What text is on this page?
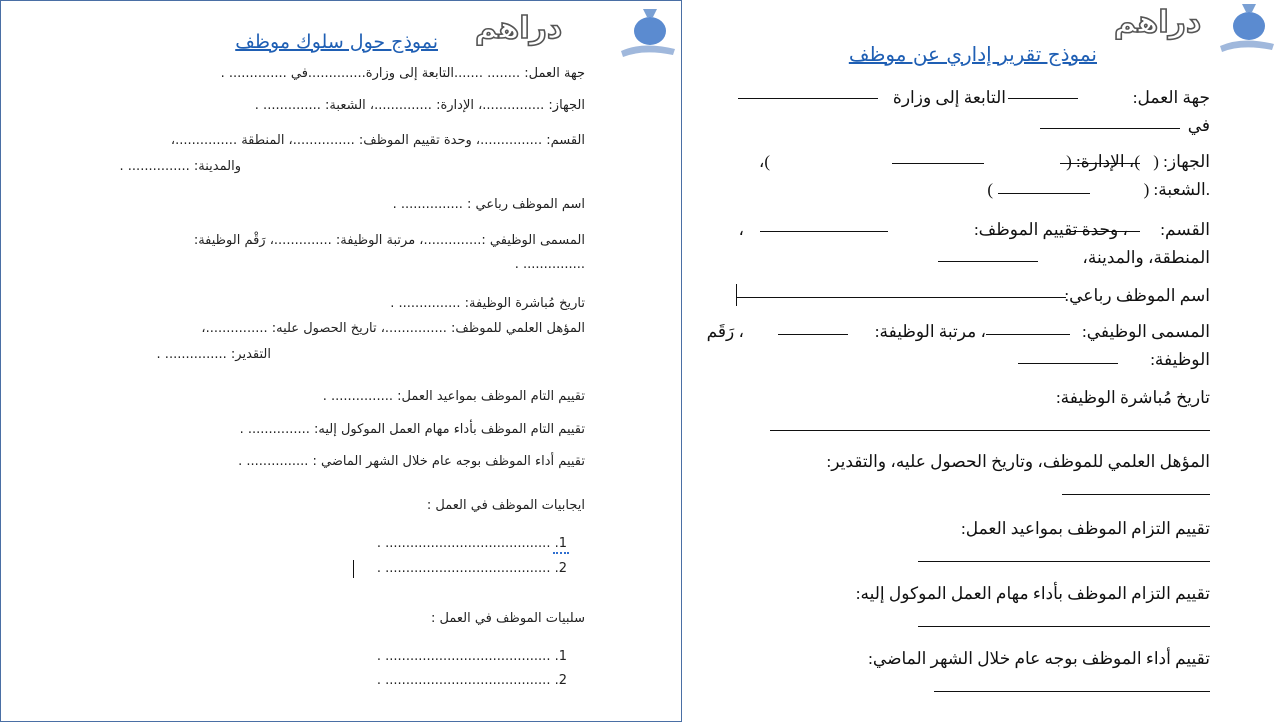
دراهم
نموذج حول سلوك موظف
جهة العمل: ........ .......التابعة إلى وزارة..............في .............. .
الجهاز: ...............، الإدارة: ..............، الشعبة: .............. .
القسم: ...............، وحدة تقييم الموظف: ...............، المنطقة ...............،
والمدينة: ............... .
اسم الموظف رباعي : ............... .
المسمى الوظيفي :..............، مرتبة الوظيفة: ..............، رَقْم الوظيفة:
............... .
تاريخ مُباشرة الوظيفة: ............... .
المؤهل العلمي للموظف: ...............، تاريخ الحصول عليه: ...............،
التقدير: ............... .
تقييم التام الموظف بمواعيد العمل: ............... .
تقييم التام الموظف بأداء مهام العمل الموكول إليه: ............... .
تقييم أداء الموظف بوجه عام خلال الشهر الماضي : ............... .
ايجابيات الموظف في العمل :
1. ........................................ .
2. ........................................ .
سلبيات الموظف في العمل :
1. ........................................ .
2. ........................................ .
دراهم
نموذج تقرير إداري عن موظف
جهة العمل:
التابعة إلى وزارة
في
الجهاز: (
)، الإدارة: (
)،
.الشعبة: (
)
القسم:
، وحدة تقييم الموظف:
،
المنطقة، والمدينة،
اسم الموظف رباعي:
المسمى الوظيفي:
، مرتبة الوظيفة:
، رَقَم
الوظيفة:
تاريخ مُباشرة الوظيفة:
المؤهل العلمي للموظف، وتاريخ الحصول عليه، والتقدير:
تقييم التزام الموظف بمواعيد العمل:
تقييم التزام الموظف بأداء مهام العمل الموكول إليه:
تقييم أداء الموظف بوجه عام خلال الشهر الماضي:
